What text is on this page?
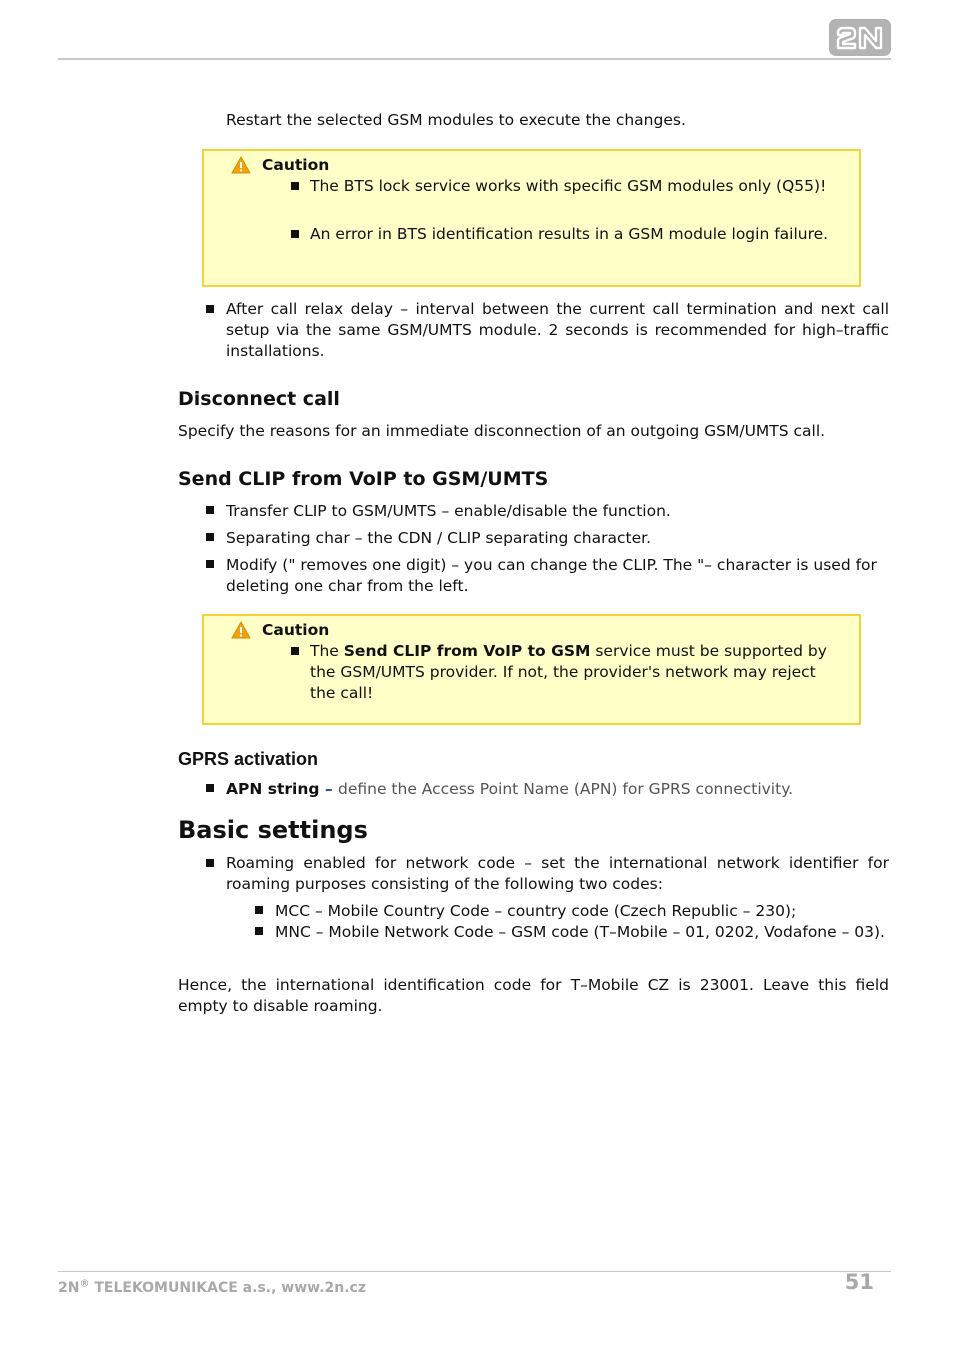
Restart the selected GSM modules to execute the changes.
Caution
The BTS lock service works with specific GSM modules only (Q55)!
An error in BTS identification results in a GSM module login failure.
After call relax delay – interval between the current call termination and next call setup via the same GSM/UMTS module. 2 seconds is recommended for high–traffic installations.
Disconnect call
Specify the reasons for an immediate disconnection of an outgoing GSM/UMTS call.
Send CLIP from VoIP to GSM/UMTS
Transfer CLIP to GSM/UMTS – enable/disable the function.
Separating char – the CDN / CLIP separating character.
Modify (" removes one digit) – you can change the CLIP. The "– character is used for deleting one char from the left.
Caution
The Send CLIP from VoIP to GSM service must be supported by the GSM/UMTS provider. If not, the provider's network may reject the call!
GPRS activation
APN string – define the Access Point Name (APN) for GPRS connectivity.
Basic settings
Roaming enabled for network code – set the international network identifier for roaming purposes consisting of the following two codes:
MCC – Mobile Country Code – country code (Czech Republic – 230);
MNC – Mobile Network Code – GSM code (T–Mobile – 01, 0202, Vodafone – 03).
Hence, the international identification code for T–Mobile CZ is 23001. Leave this field empty to disable roaming.
2N® TELEKOMUNIKACE a.s., www.2n.cz	51
